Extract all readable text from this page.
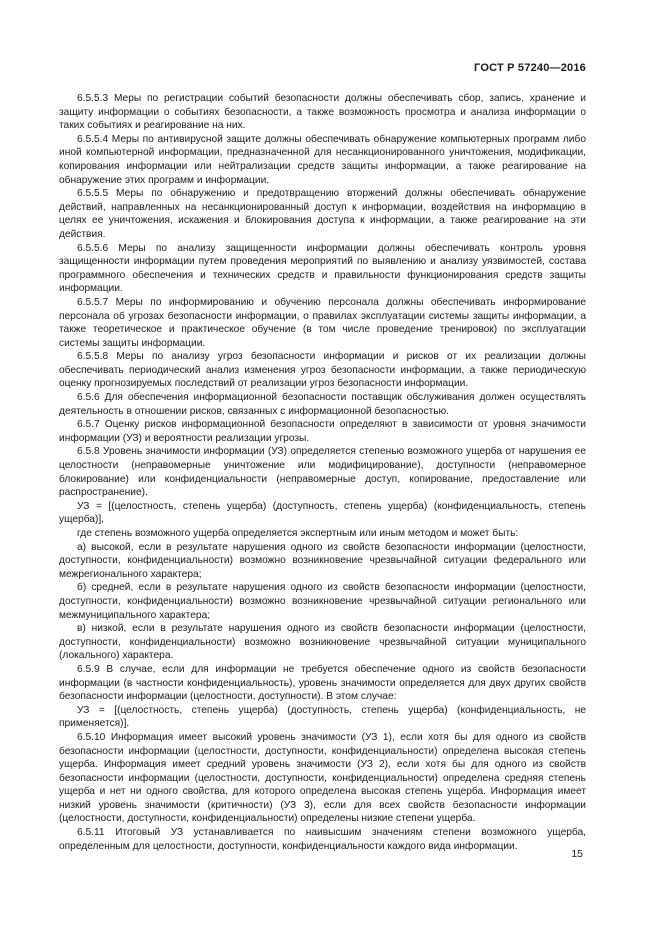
ГОСТ Р 57240—2016

6.5.5.3 Меры по регистрации событий безопасности должны обеспечивать сбор, запись, хранение и защиту информации о событиях безопасности, а также возможность просмотра и анализа информации о таких событиях и реагирование на них.

6.5.5.4 Меры по антивирусной защите должны обеспечивать обнаружение компьютерных программ либо иной компьютерной информации, предназначенной для несанкционированного уничтожения, модификации, копирования информации или нейтрализации средств защиты информации, а также реагирование на обнаружение этих программ и информации.

6.5.5.5 Меры по обнаружению и предотвращению вторжений должны обеспечивать обнаружение действий, направленных на несанкционированный доступ к информации, воздействия на информацию в целях ее уничтожения, искажения и блокирования доступа к информации, а также реагирование на эти действия.

6.5.5.6 Меры по анализу защищенности информации должны обеспечивать контроль уровня защищенности информации путем проведения мероприятий по выявлению и анализу уязвимостей, состава программного обеспечения и технических средств и правильности функционирования средств защиты информации.

6.5.5.7 Меры по информированию и обучению персонала должны обеспечивать информирование персонала об угрозах безопасности информации, о правилах эксплуатации системы защиты информации, а также теоретическое и практическое обучение (в том числе проведение тренировок) по эксплуатации системы защиты информации.

6.5.5.8 Меры по анализу угроз безопасности информации и рисков от их реализации должны обеспечивать периодический анализ изменения угроз безопасности информации, а также периодическую оценку прогнозируемых последствий от реализации угроз безопасности информации.

6.5.6 Для обеспечения информационной безопасности поставщик обслуживания должен осуществлять деятельность в отношении рисков, связанных с информационной безопасностью.

6.5.7 Оценку рисков информационной безопасности определяют в зависимости от уровня значимости информации (УЗ) и вероятности реализации угрозы.

6.5.8 Уровень значимости информации (УЗ) определяется степенью возможного ущерба от нарушения ее целостности (неправомерные уничтожение или модифицирование), доступности (неправомерное блокирование) или конфиденциальности (неправомерные доступ, копирование, предоставление или распространение).

УЗ = [(целостность, степень ущерба) (доступность, степень ущерба) (конфиденциальность, степень ущерба)],

где степень возможного ущерба определяется экспертным или иным методом и может быть:

а) высокой, если в результате нарушения одного из свойств безопасности информации (целостности, доступности, конфиденциальности) возможно возникновение чрезвычайной ситуации федерального или межрегионального характера;

б) средней, если в результате нарушения одного из свойств безопасности информации (целостности, доступности, конфиденциальности) возможно возникновение чрезвычайной ситуации регионального или межмуниципального характера;

в) низкой, если в результате нарушения одного из свойств безопасности информации (целостности, доступности, конфиденциальности) возможно возникновение чрезвычайной ситуации муниципального (локального) характера.

6.5.9 В случае, если для информации не требуется обеспечение одного из свойств безопасности информации (в частности конфиденциальность), уровень значимости определяется для двух других свойств безопасности информации (целостности, доступности). В этом случае:

УЗ = [(целостность, степень ущерба) (доступность, степень ущерба) (конфиденциальность, не применяется)].

6.5.10 Информация имеет высокий уровень значимости (УЗ 1), если хотя бы для одного из свойств безопасности информации (целостности, доступности, конфиденциальности) определена высокая степень ущерба. Информация имеет средний уровень значимости (УЗ 2), если хотя бы для одного из свойств безопасности информации (целостности, доступности, конфиденциальности) определена средняя степень ущерба и нет ни одного свойства, для которого определена высокая степень ущерба. Информация имеет низкий уровень значимости (критичности) (УЗ 3), если для всех свойств безопасности информации (целостности, доступности, конфиденциальности) определены низкие степени ущерба.

6.5.11 Итоговый УЗ устанавливается по наивысшим значениям степени возможного ущерба, определенным для целостности, доступности, конфиденциальности каждого вида информации.

15
